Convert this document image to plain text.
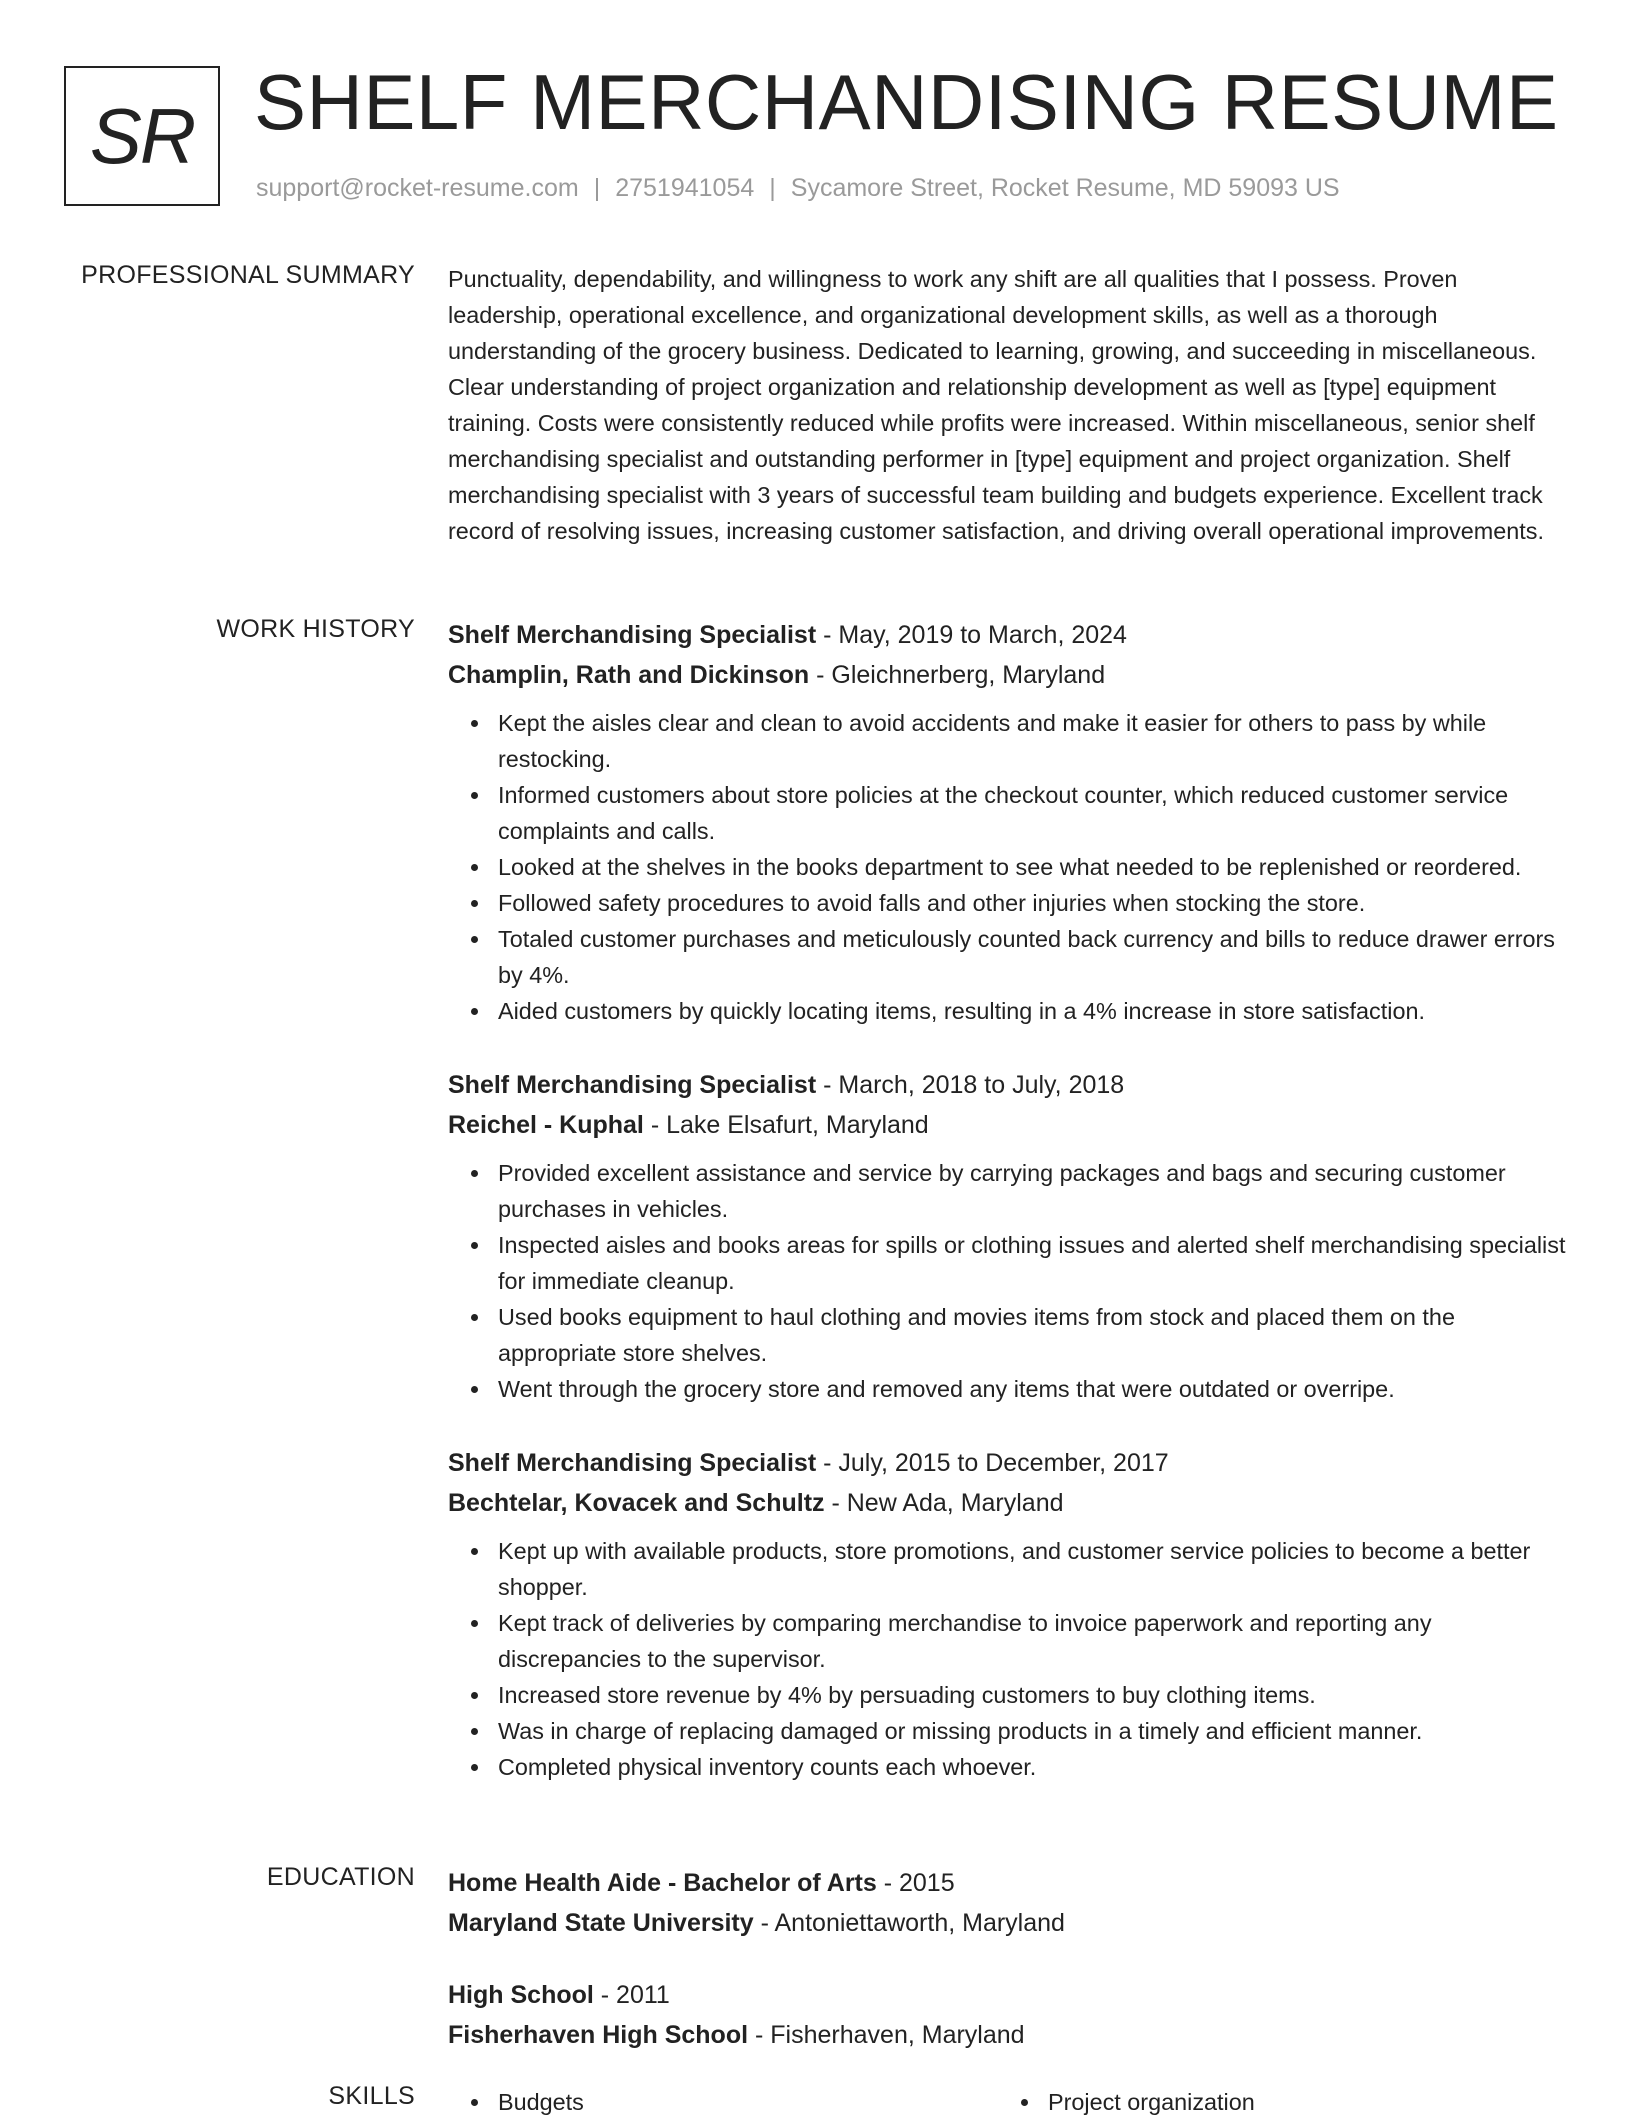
SR SHELF MERCHANDISING RESUME
support@rocket-resume.com | 2751941054 | Sycamore Street, Rocket Resume, MD 59093 US
PROFESSIONAL SUMMARY Punctuality, dependability, and willingness to work any shift are all qualities that I possess. Proven leadership, operational excellence, and organizational development skills, as well as a thorough understanding of the grocery business. Dedicated to learning, growing, and succeeding in miscellaneous. Clear understanding of project organization and relationship development as well as [type] equipment training. Costs were consistently reduced while profits were increased. Within miscellaneous, senior shelf merchandising specialist and outstanding performer in [type] equipment and project organization. Shelf merchandising specialist with 3 years of successful team building and budgets experience. Excellent track record of resolving issues, increasing customer satisfaction, and driving overall operational improvements.

WORK HISTORY Shelf Merchandising Specialist - May, 2019 to March, 2024
Champlin, Rath and Dickinson - Gleichnerberg, Maryland
• Kept the aisles clear and clean to avoid accidents and make it easier for others to pass by while restocking.
• Informed customers about store policies at the checkout counter, which reduced customer service complaints and calls.
• Looked at the shelves in the books department to see what needed to be replenished or reordered.
• Followed safety procedures to avoid falls and other injuries when stocking the store.
• Totaled customer purchases and meticulously counted back currency and bills to reduce drawer errors by 4%.
• Aided customers by quickly locating items, resulting in a 4% increase in store satisfaction.
Shelf Merchandising Specialist - March, 2018 to July, 2018
Reichel - Kuphal - Lake Elsafurt, Maryland
• Provided excellent assistance and service by carrying packages and bags and securing customer purchases in vehicles.
• Inspected aisles and books areas for spills or clothing issues and alerted shelf merchandising specialist for immediate cleanup.
• Used books equipment to haul clothing and movies items from stock and placed them on the appropriate store shelves.
• Went through the grocery store and removed any items that were outdated or overripe.
Shelf Merchandising Specialist - July, 2015 to December, 2017
Bechtelar, Kovacek and Schultz - New Ada, Maryland
• Kept up with available products, store promotions, and customer service policies to become a better shopper.
• Kept track of deliveries by comparing merchandise to invoice paperwork and reporting any discrepancies to the supervisor.
• Increased store revenue by 4% by persuading customers to buy clothing items.
• Was in charge of replacing damaged or missing products in a timely and efficient manner.
• Completed physical inventory counts each whoever.
EDUCATION Home Health Aide - Bachelor of Arts - 2015
Maryland State University - Antoniettaworth, Maryland
High School - 2011
Fisherhaven High School - Fisherhaven, Maryland
SKILLS	• Budgets	• Project organization
